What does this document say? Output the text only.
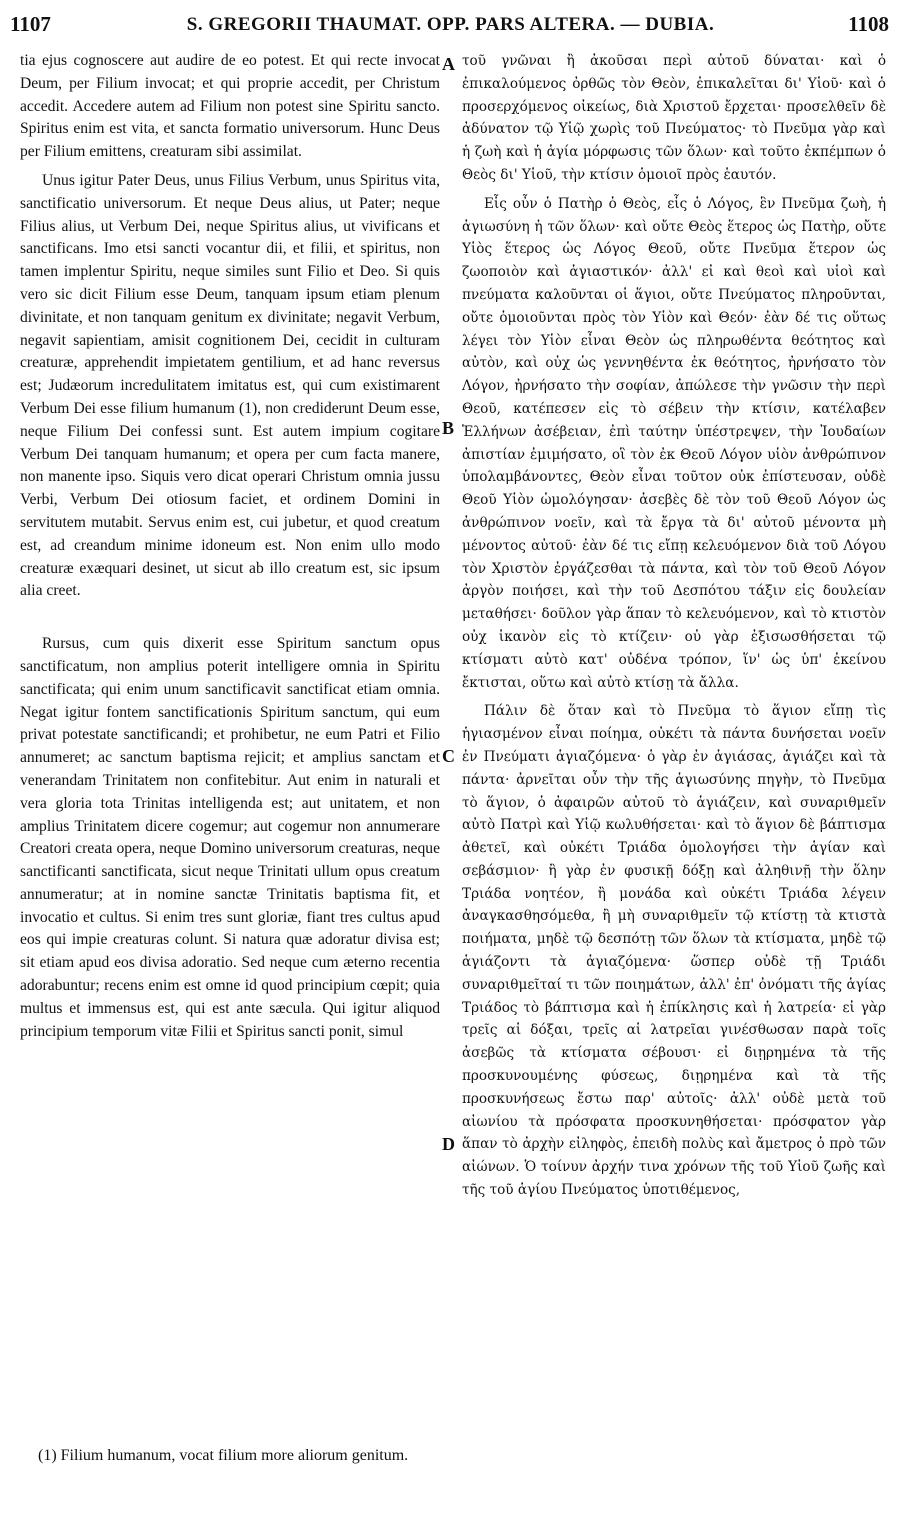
1107	S. GREGORII THAUMAT. OPP. PARS ALTERA. — DUBIA.	1108

tia ejus cognoscere aut audire de eo potest. Et qui recte invocat Deum, per Filium invocat; et qui proprie accedit, per Christum accedit. Accedere autem ad Filium non potest sine Spiritu sancto. Spiritus enim est vita, et sancta formatio universorum. Hunc Deus per Filium emittens, creaturam sibi assimilat.

Unus igitur Pater Deus, unus Filius Verbum, unus Spiritus vita, sanctificatio universorum. Et neque Deus alius, ut Pater; neque Filius alius, ut Verbum Dei, neque Spiritus alius, ut vivificans et sanctificans. Imo etsi sancti vocantur dii, et filii, et spiritus, non tamen implentur Spiritu, neque similes sunt Filio et Deo. Si quis vero sic dicit Filium esse Deum, tanquam ipsum etiam plenum divinitate, et non tanquam genitum ex divinitate; negavit Verbum, negavit sapientiam, amisit cognitionem Dei, cecidit in culturam creaturæ, apprehendit impietatem gentilium, et ad hanc reversus est; Judæorum incredulitatem imitatus est, qui cum existimarent Verbum Dei esse filium humanum (1), non crediderunt Deum esse, neque Filium Dei confessi sunt. Est autem impium cogitare Verbum Dei tanquam humanum; et opera per cum facta manere, non manente ipso. Siquis vero dicat operari Christum omnia jussu Verbi, Verbum Dei otiosum faciet, et ordinem Domini in servitutem mutabit. Servus enim est, cui jubetur, et quod creatum est, ad creandum minime idoneum est. Non enim ullo modo creaturæ exæquari desinet, ut sicut ab illo creatum est, sic ipsum alia creet.

Rursus, cum quis dixerit esse Spiritum sanctum opus sanctificatum, non amplius poterit intelligere omnia in Spiritu sanctificata; qui enim unum sanctificavit sanctificat etiam omnia. Negat igitur fontem sanctificationis Spiritum sanctum, qui eum privat potestate sanctificandi; et prohibetur, ne eum Patri et Filio annumeret; ac sanctum baptisma rejicit; et amplius sanctam et venerandam Trinitatem non confitebitur. Aut enim in naturali et vera gloria tota Trinitas intelligenda est; aut unitatem, et non amplius Trinitatem dicere cogemur; aut cogemur non annumerare Creatori creata opera, neque Domino universorum creaturas, neque sanctificanti sanctificata, sicut neque Trinitati ullum opus creatum annumeratur; at in nomine sanctæ Trinitatis baptisma fit, et invocatio et cultus. Si enim tres sunt gloriæ, fiant tres cultus apud eos qui impie creaturas colunt. Si natura quæ adoratur divisa est; sit etiam apud eos divisa adoratio. Sed neque cum æterno recentia adorabuntur; recens enim est omne id quod principium cœpit; quia multus et immensus est, qui est ante sæcula. Qui igitur aliquod principium temporum vitæ Filii et Spiritus sancti ponit, simul

A
B
C
D

τοῦ γνῶναι ἢ ἀκοῦσαι περὶ αὐτοῦ δύναται· καὶ ὁ ἐπικαλούμενος ὀρθῶς τὸν Θεὸν, ἐπικαλεῖται δι' Υἱοῦ· καὶ ὁ προσερχόμενος οἰκείως, διὰ Χριστοῦ ἔρχεται· προσελθεῖν δὲ ἀδύνατον τῷ Υἱῷ χωρὶς τοῦ Πνεύματος· τὸ Πνεῦμα γὰρ καὶ ἡ ζωὴ καὶ ἡ ἁγία μόρφωσις τῶν ὅλων· καὶ τοῦτο ἐκπέμπων ὁ Θεὸς δι' Υἱοῦ, τὴν κτίσιν ὁμοιοῖ πρὸς ἑαυτόν.

Εἷς οὖν ὁ Πατὴρ ὁ Θεὸς, εἷς ὁ Λόγος, ἓν Πνεῦμα ζωὴ, ἡ ἁγιωσύνη ἡ τῶν ὅλων· καὶ οὔτε Θεὸς ἕτερος ὡς Πατὴρ, οὔτε Υἱὸς ἕτερος ὡς Λόγος Θεοῦ, οὔτε Πνεῦμα ἕτερον ὡς ζωοποιὸν καὶ ἁγιαστικόν· ἀλλ' εἰ καὶ θεοὶ καὶ υἱοὶ καὶ πνεύματα καλοῦνται οἱ ἅγιοι, οὔτε Πνεύματος πληροῦνται, οὔτε ὁμοιοῦνται πρὸς τὸν Υἱὸν καὶ Θεόν· ἐὰν δέ τις οὕτως λέγει τὸν Υἱὸν εἶναι Θεὸν ὡς πληρωθέντα θεότητος καὶ αὐτὸν, καὶ οὐχ ὡς γεννηθέντα ἐκ θεότητος, ἠρνήσατο τὸν Λόγον, ἠρνήσατο τὴν σοφίαν, ἀπώλεσε τὴν γνῶσιν τὴν περὶ Θεοῦ, κατέπεσεν εἰς τὸ σέβειν τὴν κτίσιν, κατέλαβεν Ἑλλήνων ἀσέβειαν, ἐπὶ ταύτην ὑπέστρεψεν, τὴν Ἰουδαίων ἀπιστίαν ἐμιμήσατο, οἳ τὸν ἐκ Θεοῦ Λόγον υἱὸν ἀνθρώπινον ὑπολαμβάνοντες, Θεὸν εἶναι τοῦτον οὐκ ἐπίστευσαν, οὐδὲ Θεοῦ Υἱὸν ὡμολόγησαν· ἀσεβὲς δὲ τὸν τοῦ Θεοῦ Λόγον ὡς ἀνθρώπινον νοεῖν, καὶ τὰ ἔργα τὰ δι' αὐτοῦ μένοντα μὴ μένοντος αὐτοῦ· ἐὰν δέ τις εἴπῃ κελευόμενον διὰ τοῦ Λόγου τὸν Χριστὸν ἐργάζεσθαι τὰ πάντα, καὶ τὸν τοῦ Θεοῦ Λόγον ἀργὸν ποιήσει, καὶ τὴν τοῦ Δεσπότου τάξιν εἰς δουλείαν μεταθήσει· δοῦλον γὰρ ἅπαν τὸ κελευόμενον, καὶ τὸ κτιστὸν οὐχ ἱκανὸν εἰς τὸ κτίζειν· οὐ γὰρ ἐξισωσθήσεται τῷ κτίσματι αὐτὸ κατ' οὐδένα τρόπον, ἵν' ὡς ὑπ' ἐκείνου ἔκτισται, οὕτω καὶ αὐτὸ κτίσῃ τὰ ἄλλα.

Πάλιν δὲ ὅταν καὶ τὸ Πνεῦμα τὸ ἅγιον εἴπῃ τὶς ἡγιασμένον εἶναι ποίημα, οὐκέτι τὰ πάντα δυνήσεται νοεῖν ἐν Πνεύματι ἁγιαζόμενα· ὁ γὰρ ἐν ἁγιάσας, ἁγιάζει καὶ τὰ πάντα· ἀρνεῖται οὖν τὴν τῆς ἁγιωσύνης πηγὴν, τὸ Πνεῦμα τὸ ἅγιον, ὁ ἀφαιρῶν αὐτοῦ τὸ ἁγιάζειν, καὶ συναριθμεῖν αὐτὸ Πατρὶ καὶ Υἱῷ κωλυθήσεται· καὶ τὸ ἅγιον δὲ βάπτισμα ἀθετεῖ, καὶ οὐκέτι Τριάδα ὁμολογήσει τὴν ἁγίαν καὶ σεβάσμιον· ἢ γὰρ ἐν φυσικῇ δόξῃ καὶ ἀληθινῇ τὴν ὅλην Τριάδα νοητέον, ἢ μονάδα καὶ οὐκέτι Τριάδα λέγειν ἀναγκασθησόμεθα, ἢ μὴ συναριθμεῖν τῷ κτίστῃ τὰ κτιστὰ ποιήματα, μηδὲ τῷ δεσπότῃ τῶν ὅλων τὰ κτίσματα, μηδὲ τῷ ἁγιάζοντι τὰ ἁγιαζόμενα· ὥσπερ οὐδὲ τῇ Τριάδι συναριθμεῖταί τι τῶν ποιημάτων, ἀλλ' ἐπ' ὀνόματι τῆς ἁγίας Τριάδος τὸ βάπτισμα καὶ ἡ ἐπίκλησις καὶ ἡ λατρεία· εἰ γὰρ τρεῖς αἱ δόξαι, τρεῖς αἱ λατρεῖαι γινέσθωσαν παρὰ τοῖς ἀσεβῶς τὰ κτίσματα σέβουσι· εἰ διῃρημένα τὰ τῆς προσκυνουμένης φύσεως, διῃρημένα καὶ τὰ τῆς προσκυνήσεως ἔστω παρ' αὐτοῖς· ἀλλ' οὐδὲ μετὰ τοῦ αἰωνίου τὰ πρόσφατα προσκυνηθήσεται· πρόσφατον γὰρ ἅπαν τὸ ἀρχὴν εἰληφὸς, ἐπειδὴ πολὺς καὶ ἄμετρος ὁ πρὸ τῶν αἰώνων. Ὁ τοίνυν ἀρχήν τινα χρόνων τῆς τοῦ Υἱοῦ ζωῆς καὶ τῆς τοῦ ἁγίου Πνεύματος ὑποτιθέμενος,

(1) Filium humanum, vocat filium more aliorum genitum.
